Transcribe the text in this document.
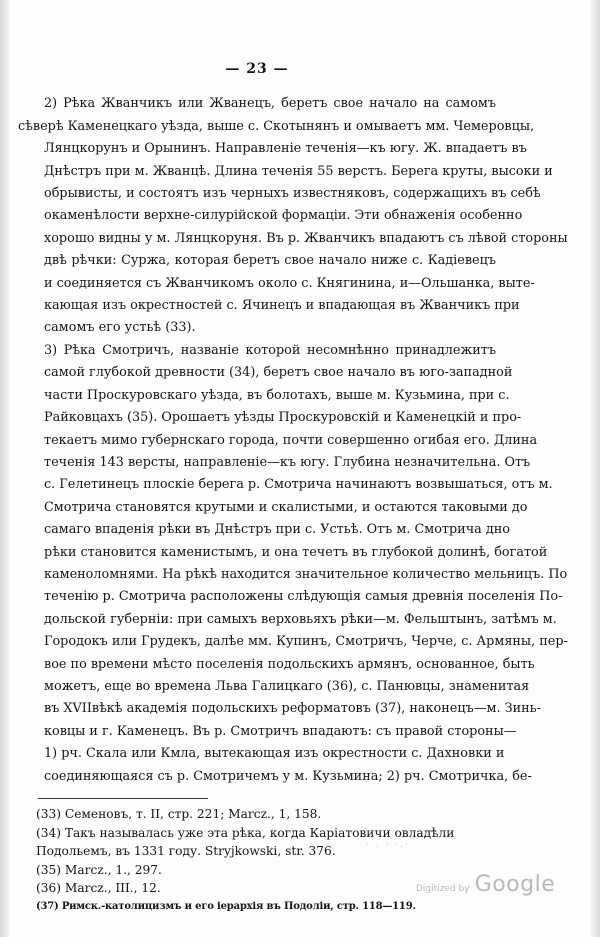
— 23 —
2) Рѣка Жванчикъ или Жванецъ, беретъ свое начало на самомъ
сѣверѣ Каменецкаго уѣзда, выше с. Скотынянъ и омываетъ мм. Чемеровцы,
Лянцкорунъ и Орынинъ. Направленіе теченія—къ югу. Ж. впадаетъ въ
Днѣстръ при м. Жванцѣ. Длина теченія 55 верстъ. Берега круты, высоки и
обрывисты, и состоятъ изъ черныхъ известняковъ, содержащихъ въ себѣ
окаменѣлости верхне-силурійской формаціи. Эти обнаженія особенно
хорошо видны у м. Лянцкоруня. Въ р. Жванчикъ впадаютъ съ лѣвой стороны
двѣ рѣчки: Суржа, которая беретъ свое начало ниже с. Кадіевецъ
и соединяется съ Жванчикомъ около с. Княгинина, и—Ольшанка, выте-
кающая изъ окрестностей с. Ячинецъ и впадающая въ Жванчикъ при
самомъ его устьѣ (33).
3) Рѣка Смотричъ, названіе которой несомнѣнно принадлежитъ
самой глубокой древности (34), беретъ свое начало въ юго-западной
части Проскуровскаго уѣзда, въ болотахъ, выше м. Кузьмина, при с.
Райковцахъ (35). Орошаетъ уѣзды Проскуровскій и Каменецкій и про-
текаетъ мимо губернскаго города, почти совершенно огибая его. Длина
теченія 143 версты, направленіе—къ югу. Глубина незначительна. Отъ
с. Гелетинецъ плоскіе берега р. Смотрича начинаютъ возвышаться, отъ м.
Смотрича становятся крутыми и скалистыми, и остаются таковыми до
самаго впаденія рѣки въ Днѣстръ при с. Устьѣ. Отъ м. Смотрича дно
рѣки становится каменистымъ, и она течетъ въ глубокой долинѣ, богатой
каменоломнями. На рѣкѣ находится значительное количество мельницъ. По
теченію р. Смотрича расположены слѣдующія самыя древнія поселенія По-
дольской губерніи: при самыхъ верховьяхъ рѣки—м. Фельштынъ, затѣмъ м.
Городокъ или Грудекъ, далѣе мм. Купинъ, Смотричъ, Черче, с. Армяны, пер-
вое по времени мѣсто поселенія подольскихъ армянъ, основанное, быть
можетъ, еще во времена Льва Галицкаго (36), с. Панювцы, знаменитая
въ XVIIвѣкѣ академія подольскихъ реформатовъ (37), наконецъ—м. Зинь-
ковцы и г. Каменецъ. Въ р. Смотричъ впадаютъ: съ правой стороны—
1) рч. Скала или Кмла, вытекающая изъ окрестности с. Дахновки и
соединяющаяся съ р. Смотричемъ у м. Кузьмина; 2) рч. Смотричка, бе-
(33) Семеновъ, т. II, стр. 221; Marcz., 1, 158.
(34) Такъ называлась уже эта рѣка, когда Каріатовичи овладѣли
Подольемъ, въ 1331 году. Stryjkowski, str. 376.
(35) Marcz., 1., 297.
(36) Marcz., III., 12.
(37) Римск.-католицизмъ и его іерархія въ Подоліи, стр. 118—119.
· . · ·.·
Digitized by Google
